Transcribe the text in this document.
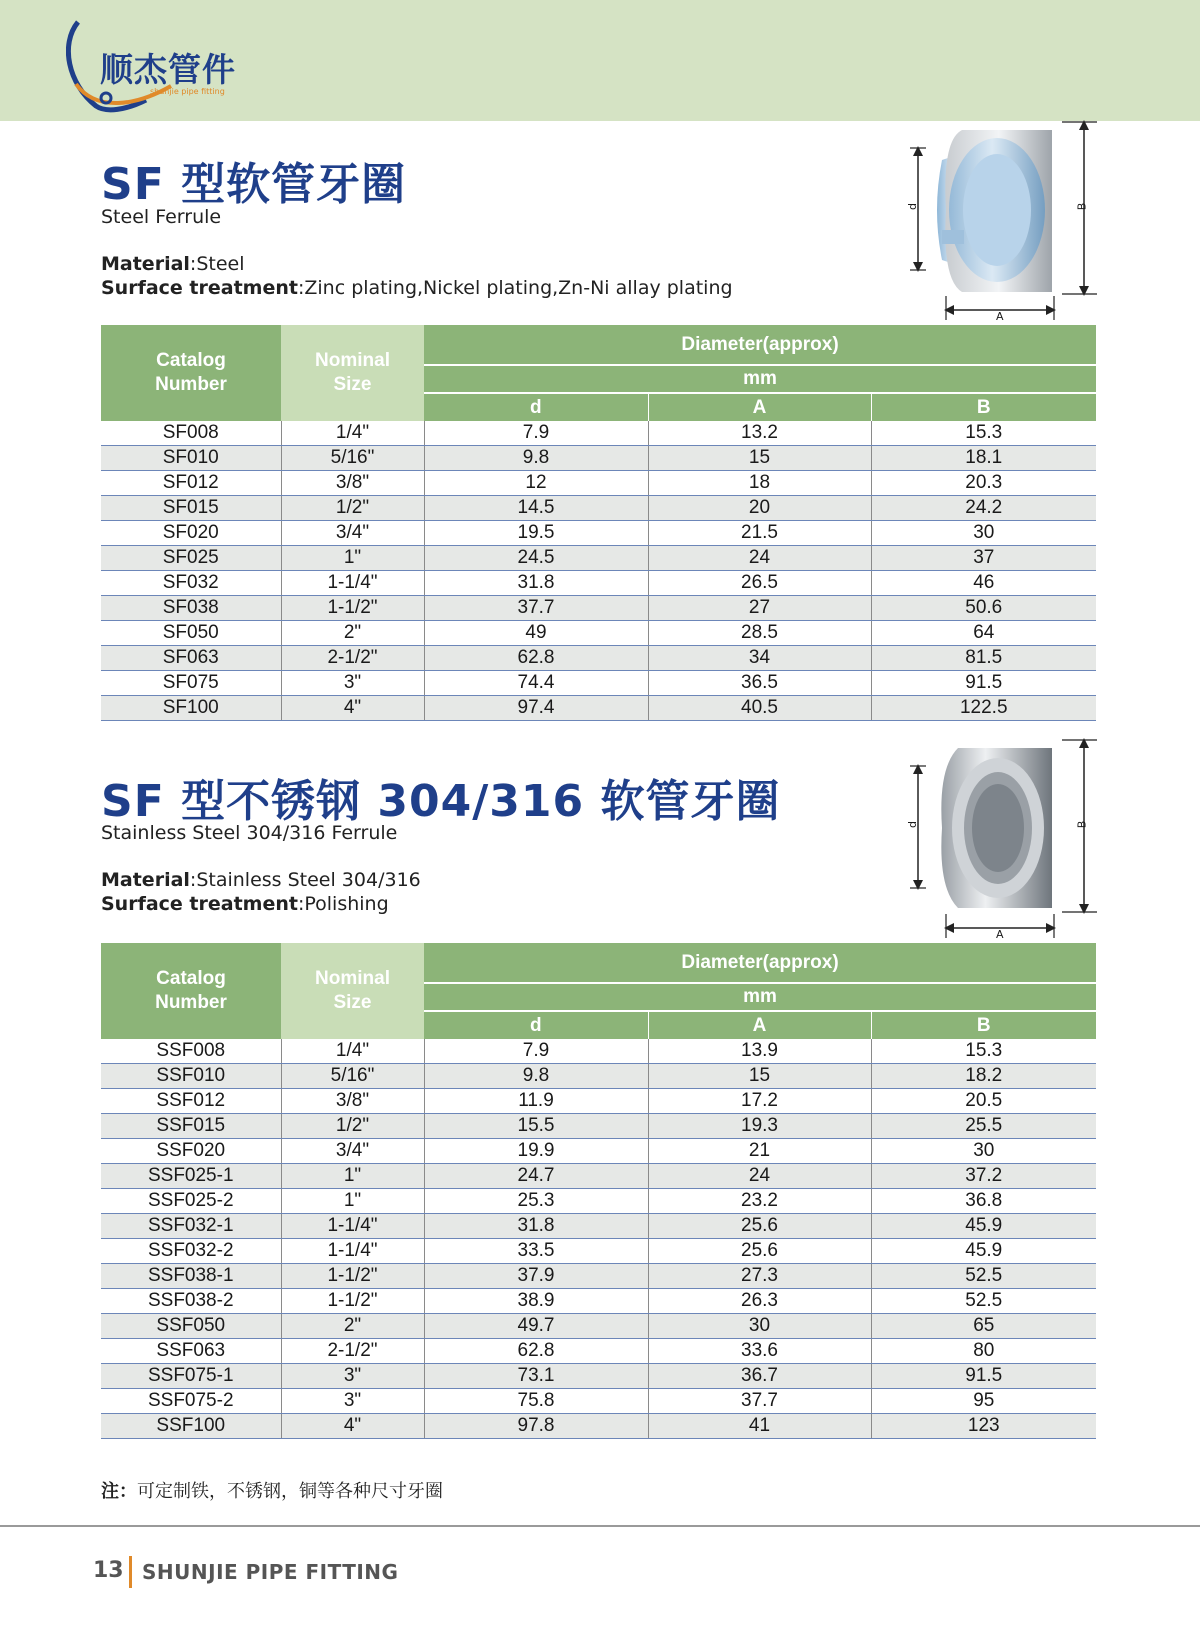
顺杰管件
shunjie pipe fitting
SF 型软管牙圈
Steel Ferrule
Material:Steel
Surface treatment:Zinc plating,Nickel plating,Zn-Ni allay plating
d	B
A
Catalog
Number	Nominal
Size	Diameter(approx)		
		mm		
		d	A	B
SF008	1/4"	7.9	13.2	15.3
SF010	5/16"	9.8	15	18.1
SF012	3/8"	12	18	20.3
SF015	1/2"	14.5	20	24.2
SF020	3/4"	19.5	21.5	30
SF025	1"	24.5	24	37
SF032	1-1/4"	31.8	26.5	46
SF038	1-1/2"	37.7	27	50.6
SF050	2"	49	28.5	64
SF063	2-1/2"	62.8	34	81.5
SF075	3"	74.4	36.5	91.5
SF100	4"	97.4	40.5	122.5
SF 型不锈钢 304/316 软管牙圈
Stainless Steel 304/316 Ferrule
Material:Stainless Steel 304/316
Surface treatment:Polishing
d	B
A
Catalog
Number	Nominal
Size	Diameter(approx)		
		mm		
		d	A	B
SSF008	1/4"	7.9	13.9	15.3
SSF010	5/16"	9.8	15	18.2
SSF012	3/8"	11.9	17.2	20.5
SSF015	1/2"	15.5	19.3	25.5
SSF020	3/4"	19.9	21	30
SSF025-1	1"	24.7	24	37.2
SSF025-2	1"	25.3	23.2	36.8
SSF032-1	1-1/4"	31.8	25.6	45.9
SSF032-2	1-1/4"	33.5	25.6	45.9
SSF038-1	1-1/2"	37.9	27.3	52.5
SSF038-2	1-1/2"	38.9	26.3	52.5
SSF050	2"	49.7	30	65
SSF063	2-1/2"	62.8	33.6	80
SSF075-1	3"	73.1	36.7	91.5
SSF075-2	3"	75.8	37.7	95
SSF100	4"	97.8	41	123
注：可定制铁，不锈钢，铜等各种尺寸牙圈
13 SHUNJIE PIPE FITTING
